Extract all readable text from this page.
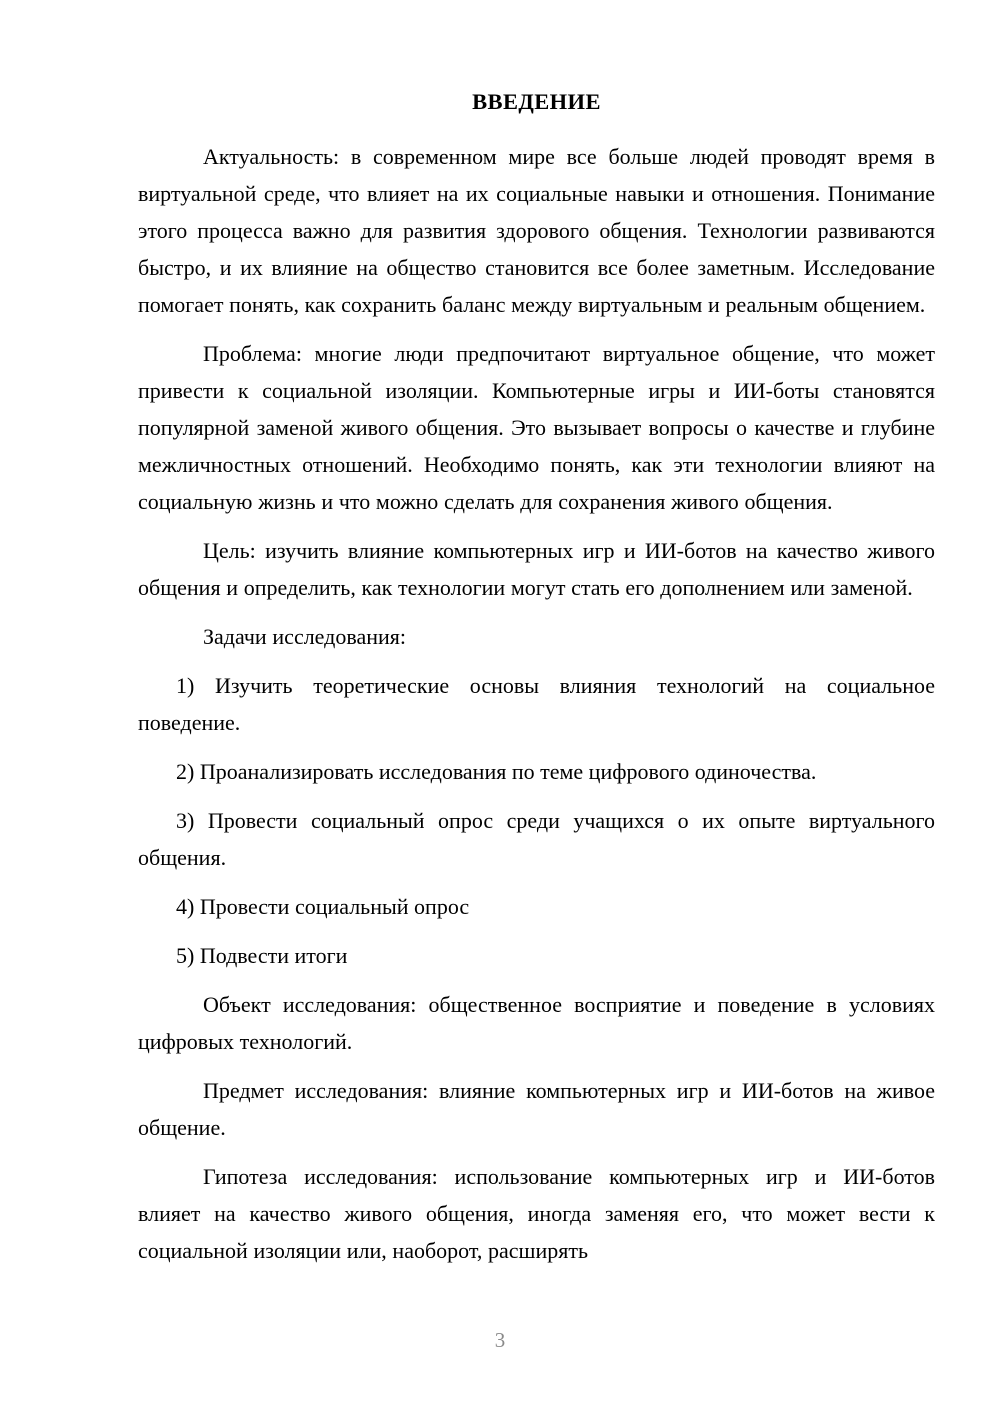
ВВЕДЕНИЕ

Актуальность: в современном мире все больше людей проводят время в виртуальной среде, что влияет на их социальные навыки и отношения. Понимание этого процесса важно для развития здорового общения. Технологии развиваются быстро, и их влияние на общество становится все более заметным. Исследование помогает понять, как сохранить баланс между виртуальным и реальным общением.

Проблема: многие люди предпочитают виртуальное общение, что может привести к социальной изоляции. Компьютерные игры и ИИ-боты становятся популярной заменой живого общения. Это вызывает вопросы о качестве и глубине межличностных отношений. Необходимо понять, как эти технологии влияют на социальную жизнь и что можно сделать для сохранения живого общения.

Цель: изучить влияние компьютерных игр и ИИ-ботов на качество живого общения и определить, как технологии могут стать его дополнением или заменой.

Задачи исследования:

1) Изучить теоретические основы влияния технологий на социальное поведение.

2) Проанализировать исследования по теме цифрового одиночества.

3) Провести социальный опрос среди учащихся о их опыте виртуального общения.

4) Провести социальный опрос

5) Подвести итоги

Объект исследования: общественное восприятие и поведение в условиях цифровых технологий.

Предмет исследования: влияние компьютерных игр и ИИ-ботов на живое общение.

Гипотеза исследования: использование компьютерных игр и ИИ-ботов влияет на качество живого общения, иногда заменяя его, что может вести к социальной изоляции или, наоборот, расширять

3
